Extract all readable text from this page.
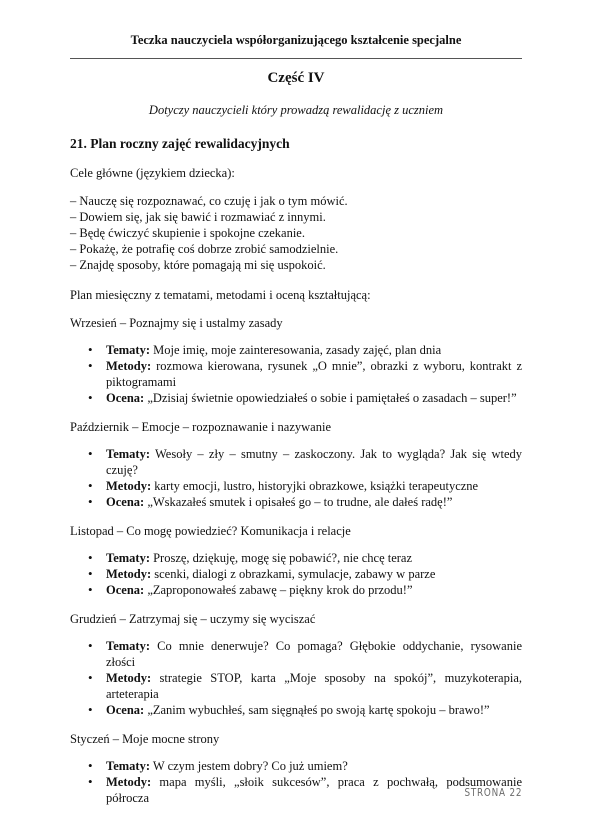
Teczka nauczyciela współorganizującego kształcenie specjalne
Część IV
Dotyczy nauczycieli który prowadzą rewalidację z uczniem

21. Plan roczny zajęć rewalidacyjnych

Cele główne (językiem dziecka):

– Nauczę się rozpoznawać, co czuję i jak o tym mówić.
– Dowiem się, jak się bawić i rozmawiać z innymi.
– Będę ćwiczyć skupienie i spokojne czekanie.
– Pokażę, że potrafię coś dobrze zrobić samodzielnie.
– Znajdę sposoby, które pomagają mi się uspokoić.

Plan miesięczny z tematami, metodami i oceną kształtującą:

Wrzesień – Poznajmy się i ustalmy zasady

• Tematy: Moje imię, moje zainteresowania, zasady zajęć, plan dnia
• Metody: rozmowa kierowana, rysunek „O mnie”, obrazki z wyboru, kontrakt z piktogramami
• Ocena: „Dzisiaj świetnie opowiedziałeś o sobie i pamiętałeś o zasadach – super!”

Październik – Emocje – rozpoznawanie i nazywanie

• Tematy: Wesoły – zły – smutny – zaskoczony. Jak to wygląda? Jak się wtedy czuję?
• Metody: karty emocji, lustro, historyjki obrazkowe, książki terapeutyczne
• Ocena: „Wskazałeś smutek i opisałeś go – to trudne, ale dałeś radę!”

Listopad – Co mogę powiedzieć? Komunikacja i relacje

• Tematy: Proszę, dziękuję, mogę się pobawić?, nie chcę teraz
• Metody: scenki, dialogi z obrazkami, symulacje, zabawy w parze
• Ocena: „Zaproponowałeś zabawę – piękny krok do przodu!”

Grudzień – Zatrzymaj się – uczymy się wyciszać

• Tematy: Co mnie denerwuje? Co pomaga? Głębokie oddychanie, rysowanie złości
• Metody: strategie STOP, karta „Moje sposoby na spokój”, muzykoterapia, arteterapia
• Ocena: „Zanim wybuchłeś, sam sięgnąłeś po swoją kartę spokoju – brawo!”

Styczeń – Moje mocne strony

• Tematy: W czym jestem dobry? Co już umiem?
• Metody: mapa myśli, „słoik sukcesów”, praca z pochwałą, podsumowanie półrocza	STRONA 22
